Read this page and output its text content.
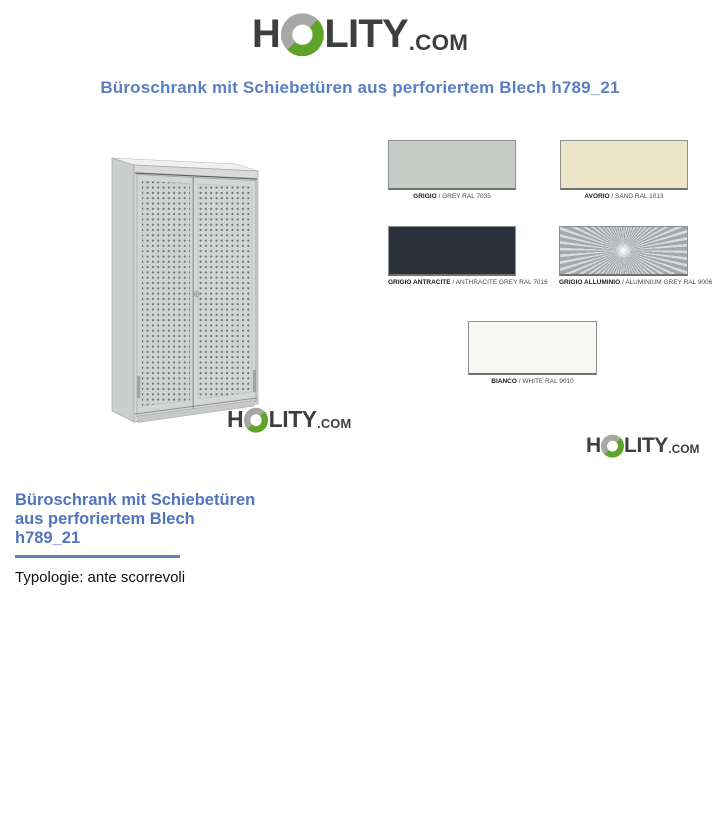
H LITY .COM
Büroschrank mit Schiebetüren aus perforiertem Blech h789_21
H LITY .COM
GRIGIO / GREY RAL 7035	AVORIO / SAND RAL 1013
GRIGIO ANTRACITE / ANTHRACITE GREY RAL 7016 GRIGIO ALLUMINIO / ALUMINIUM GREY RAL 9006
BIANCO / WHITE RAL 9010
H LITY .COM
Büroschrank mit Schiebetüren
aus perforiertem Blech
h789_21
Typologie: ante scorrevoli
